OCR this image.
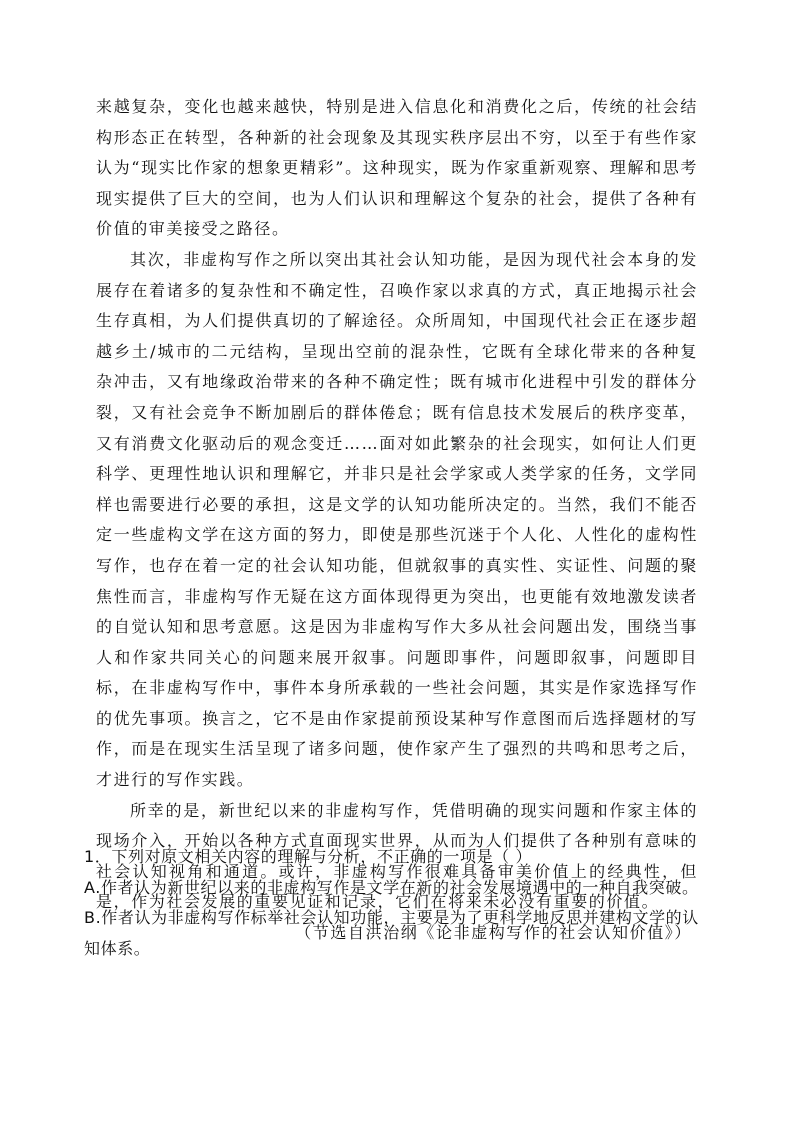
来越复杂，变化也越来越快，特别是进入信息化和消费化之后，传统的社会结构形态正在转型，各种新的社会现象及其现实秩序层出不穷，以至于有些作家认为“现实比作家的想象更精彩”。这种现实，既为作家重新观察、理解和思考现实提供了巨大的空间，也为人们认识和理解这个复杂的社会，提供了各种有价值的审美接受之路径。

其次，非虚构写作之所以突出其社会认知功能，是因为现代社会本身的发展存在着诸多的复杂性和不确定性，召唤作家以求真的方式，真正地揭示社会生存真相，为人们提供真切的了解途径。众所周知，中国现代社会正在逐步超越乡土/城市的二元结构，呈现出空前的混杂性，它既有全球化带来的各种复杂冲击，又有地缘政治带来的各种不确定性；既有城市化进程中引发的群体分裂，又有社会竞争不断加剧后的群体倦怠；既有信息技术发展后的秩序变革，又有消费文化驱动后的观念变迁……面对如此繁杂的社会现实，如何让人们更科学、更理性地认识和理解它，并非只是社会学家或人类学家的任务，文学同样也需要进行必要的承担，这是文学的认知功能所决定的。当然，我们不能否定一些虚构文学在这方面的努力，即使是那些沉迷于个人化、人性化的虚构性写作，也存在着一定的社会认知功能，但就叙事的真实性、实证性、问题的聚焦性而言，非虚构写作无疑在这方面体现得更为突出，也更能有效地激发读者的自觉认知和思考意愿。这是因为非虚构写作大多从社会问题出发，围绕当事人和作家共同关心的问题来展开叙事。问题即事件，问题即叙事，问题即目标，在非虚构写作中，事件本身所承载的一些社会问题，其实是作家选择写作的优先事项。换言之，它不是由作家提前预设某种写作意图而后选择题材的写作，而是在现实生活呈现了诸多问题，使作家产生了强烈的共鸣和思考之后，才进行的写作实践。

所幸的是，新世纪以来的非虚构写作，凭借明确的现实问题和作家主体的现场介入，开始以各种方式直面现实世界，从而为人们提供了各种别有意味的社会认知视角和通道。或许，非虚构写作很难具备审美价值上的经典性，但是，作为社会发展的重要见证和记录，它们在将来未必没有重要的价值。

（节选自洪治纲《论非虚构写作的社会认知价值》）

1．下列对原文相关内容的理解与分析，不正确的一项是（ ）

A.作者认为新世纪以来的非虚构写作是文学在新的社会发展境遇中的一种自我突破。

B.作者认为非虚构写作标举社会认知功能，主要是为了更科学地反思并建构文学的认知体系。
